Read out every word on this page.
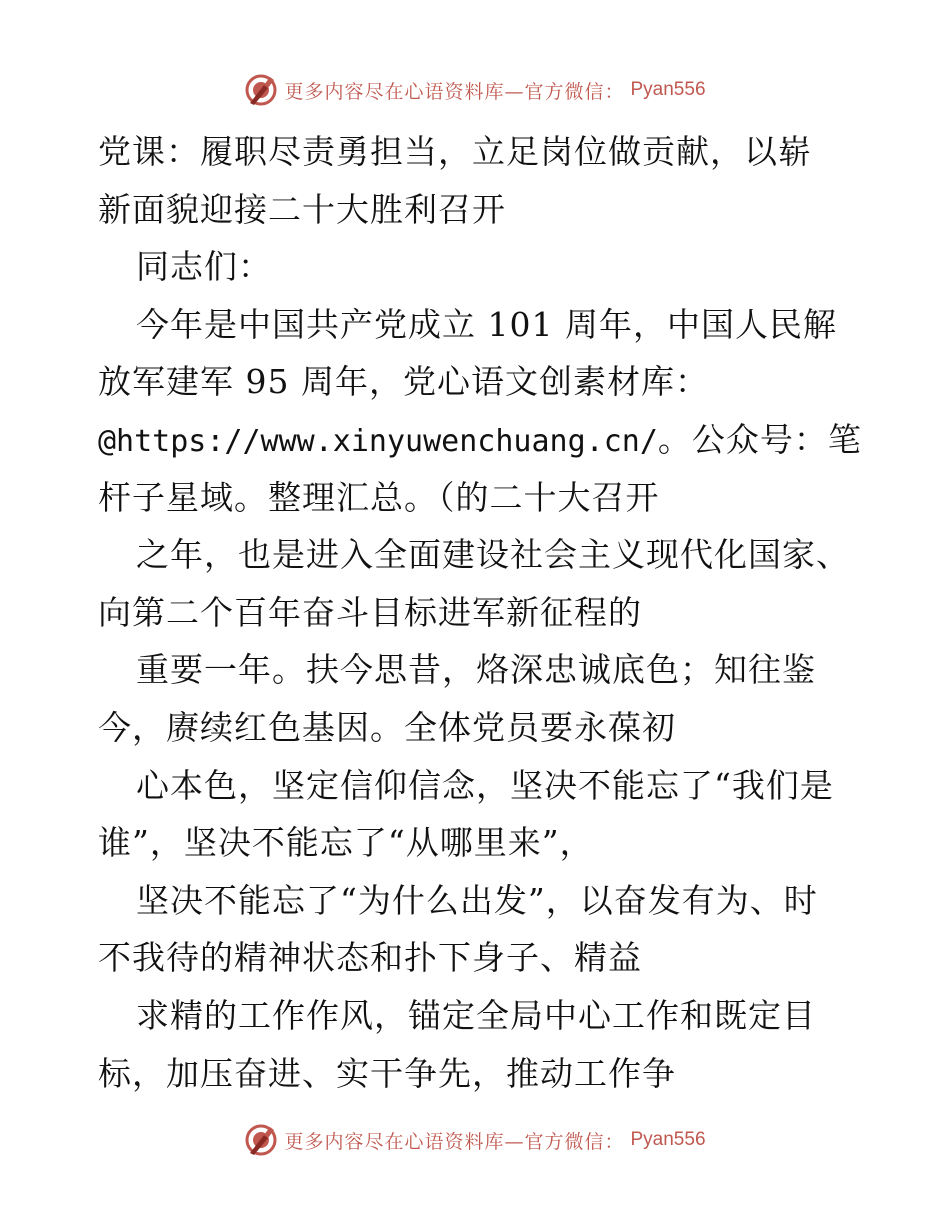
更多内容尽在心语资料库—官方微信： Pyan556
党课：履职尽责勇担当，立足岗位做贡献，以崭
新面貌迎接二十大胜利召开
同志们：
今年是中国共产党成立 101 周年，中国人民解
放军建军 95 周年，党心语文创素材库：
@https://www.xinyuwenchuang.cn/。公众号：笔
杆子星域。整理汇总。（的二十大召开
之年，也是进入全面建设社会主义现代化国家、
向第二个百年奋斗目标进军新征程的
重要一年。扶今思昔，烙深忠诚底色；知往鉴
今，赓续红色基因。全体党员要永葆初
心本色，坚定信仰信念，坚决不能忘了“我们是
谁”，坚决不能忘了“从哪里来”，
坚决不能忘了“为什么出发”，以奋发有为、时
不我待的精神状态和扑下身子、精益
求精的工作作风，锚定全局中心工作和既定目
标，加压奋进、实干争先，推动工作争
更多内容尽在心语资料库—官方微信： Pyan556
